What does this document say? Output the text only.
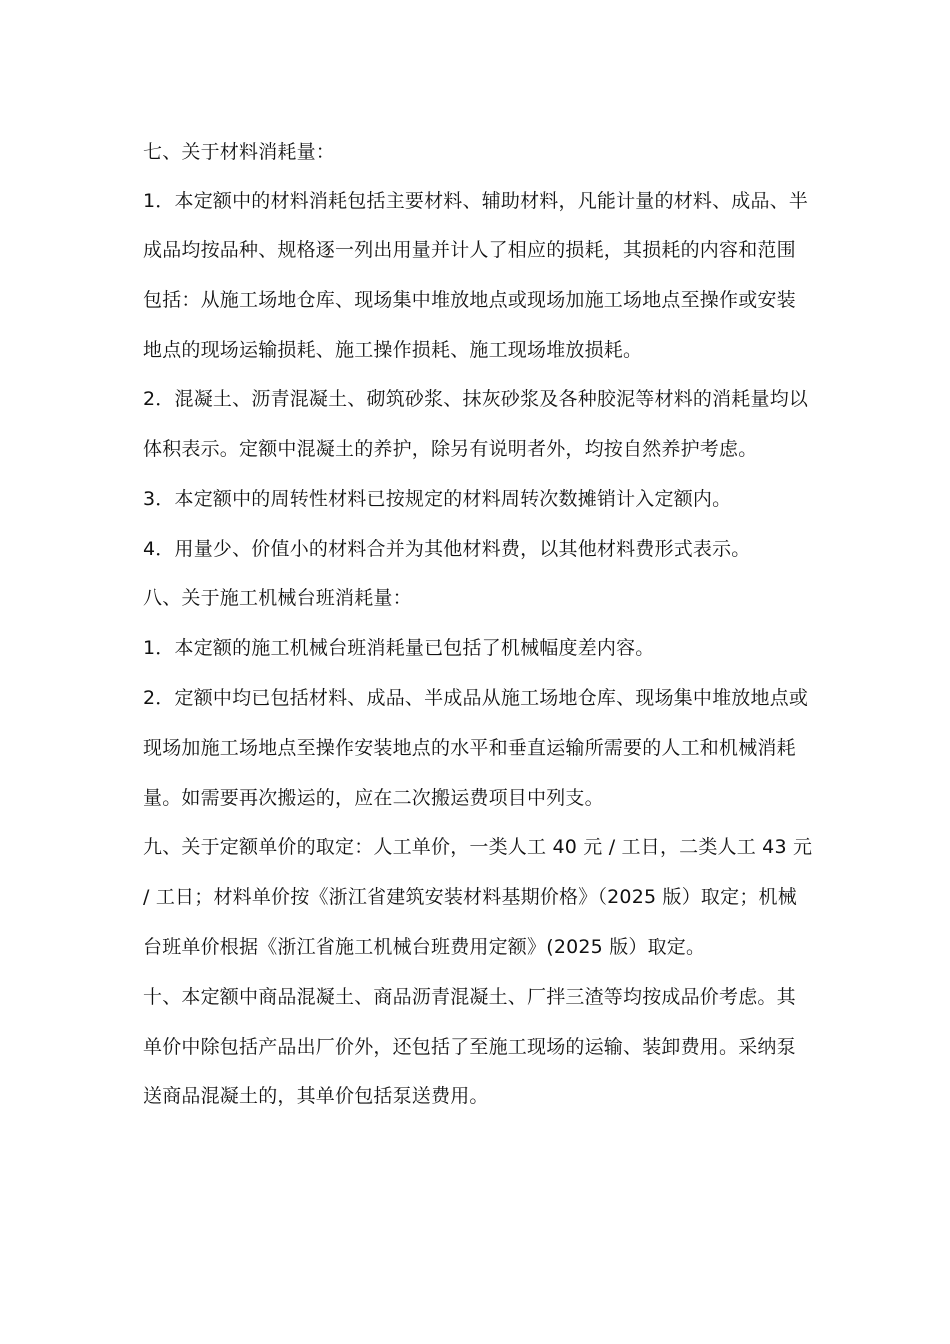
七、关于材料消耗量：
1．本定额中的材料消耗包括主要材料、辅助材料，凡能计量的材料、成品、半
成品均按品种、规格逐一列出用量并计人了相应的损耗，其损耗的内容和范围
包括：从施工场地仓库、现场集中堆放地点或现场加施工场地点至操作或安装
地点的现场运输损耗、施工操作损耗、施工现场堆放损耗。
2．混凝土、沥青混凝土、砌筑砂浆、抹灰砂浆及各种胶泥等材料的消耗量均以
体积表示。定额中混凝土的养护，除另有说明者外，均按自然养护考虑。
3．本定额中的周转性材料已按规定的材料周转次数摊销计入定额内。
4．用量少、价值小的材料合并为其他材料费，以其他材料费形式表示。
八、关于施工机械台班消耗量：
1．本定额的施工机械台班消耗量已包括了机械幅度差内容。
2．定额中均已包括材料、成品、半成品从施工场地仓库、现场集中堆放地点或
现场加施工场地点至操作安装地点的水平和垂直运输所需要的人工和机械消耗
量。如需要再次搬运的，应在二次搬运费项目中列支。
九、关于定额单价的取定：人工单价，一类人工 40 元 / 工日，二类人工 43 元
/ 工日；材料单价按《浙江省建筑安装材料基期价格》（2025 版）取定；机械
台班单价根据《浙江省施工机械台班费用定额》(2025 版）取定。
十、本定额中商品混凝土、商品沥青混凝土、厂拌三渣等均按成品价考虑。其
单价中除包括产品出厂价外，还包括了至施工现场的运输、装卸费用。采纳泵
送商品混凝土的，其单价包括泵送费用。
